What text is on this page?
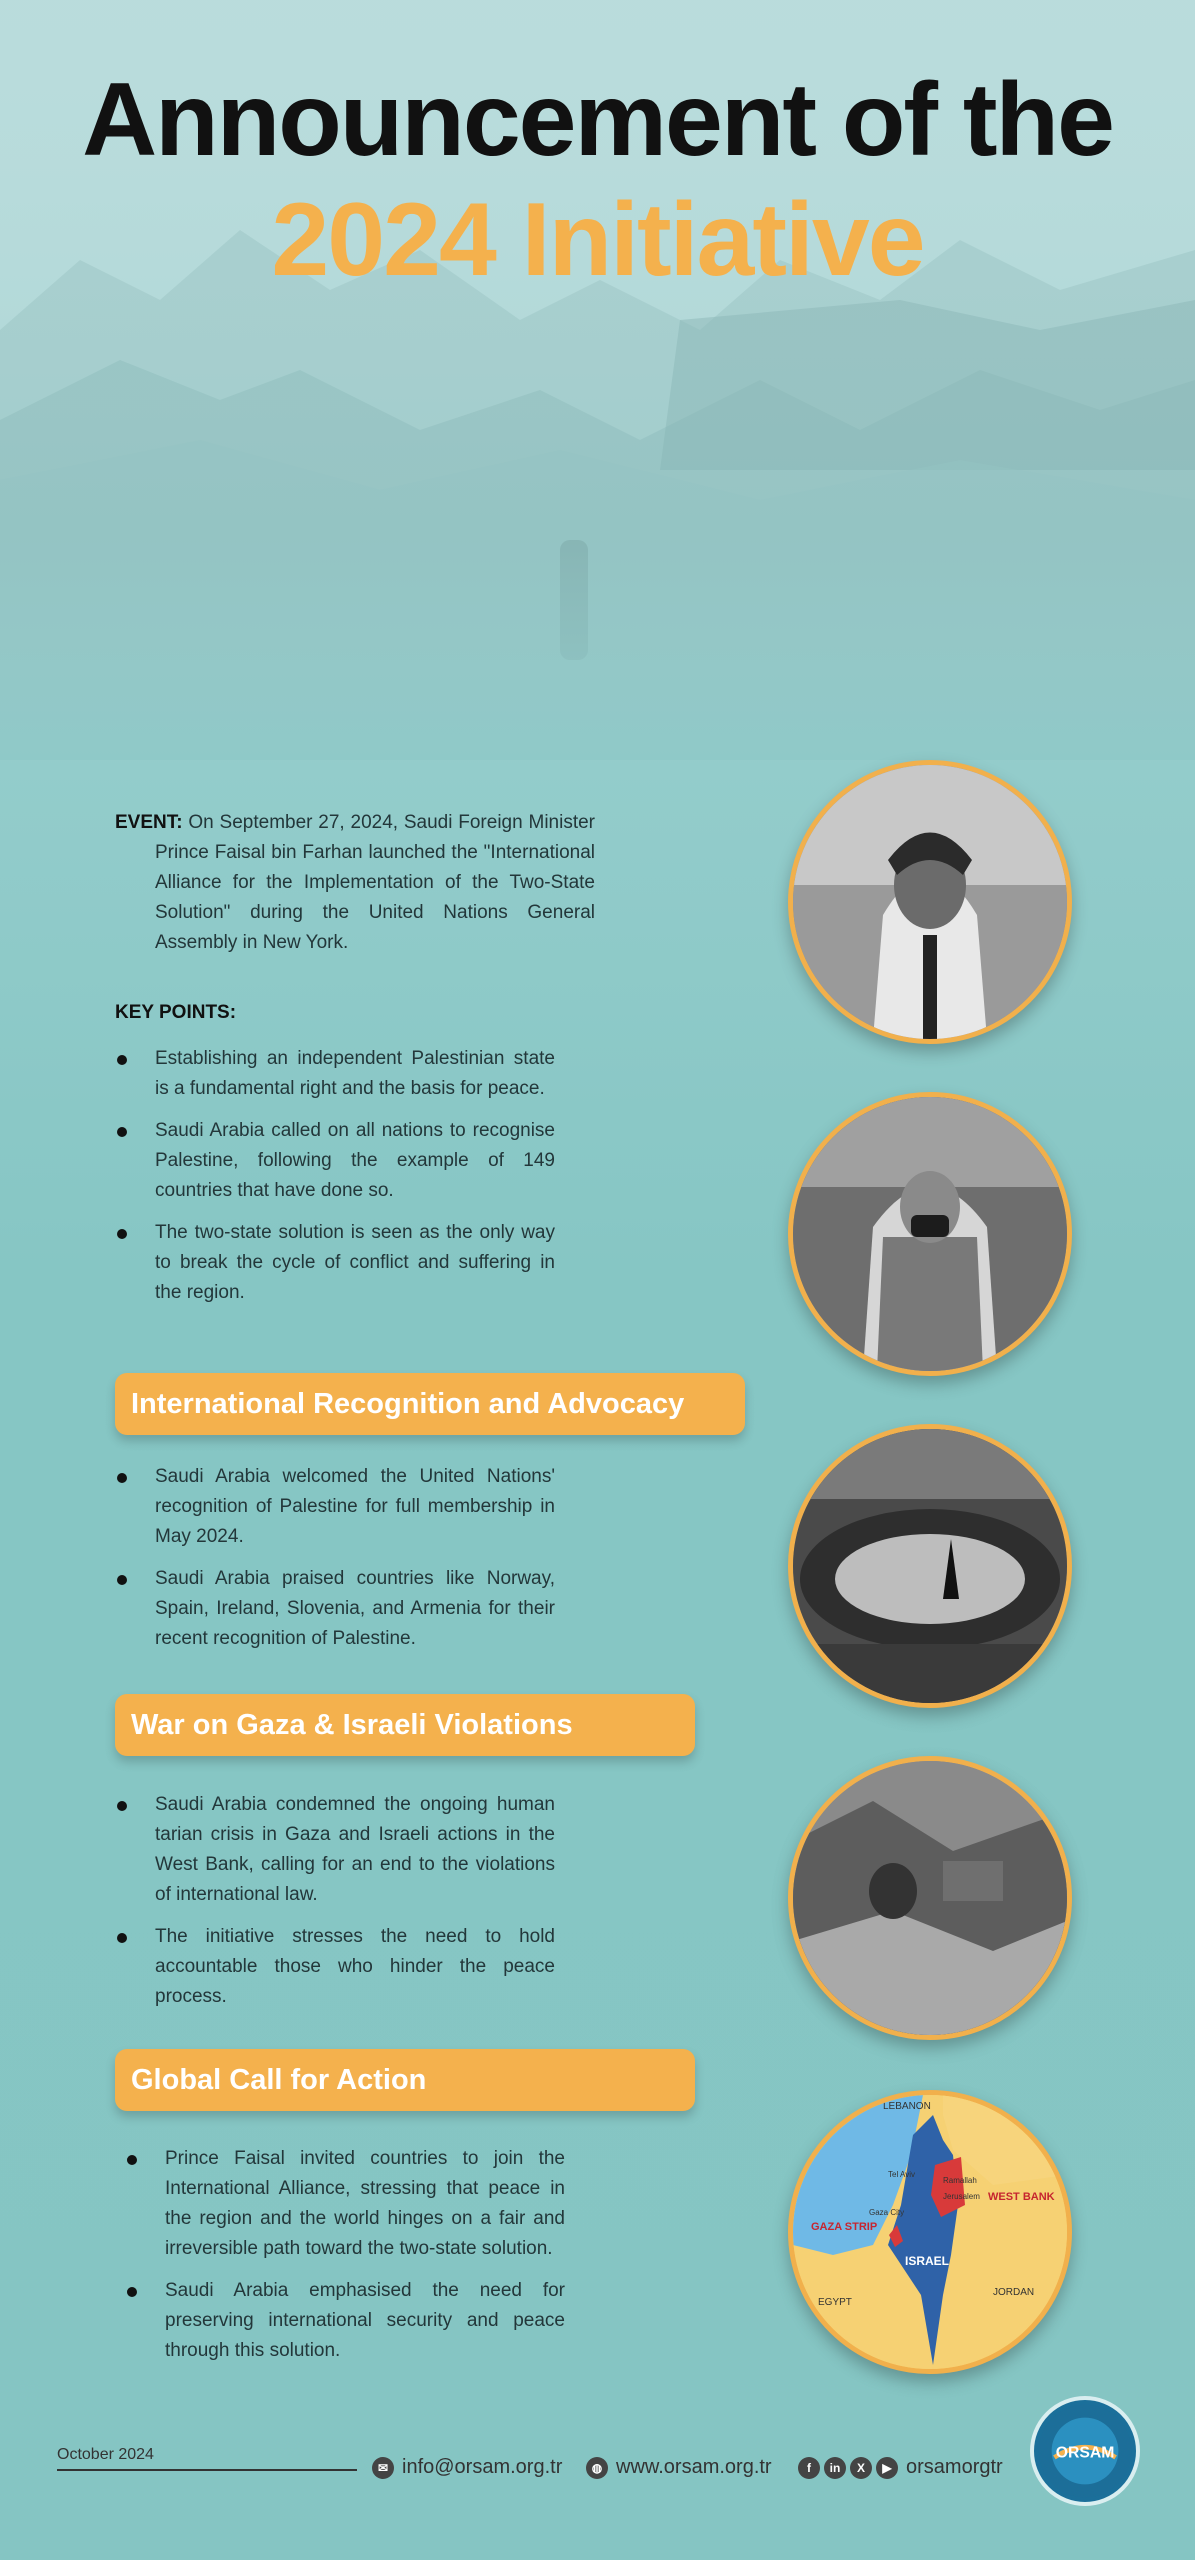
Announcement of the
2024 Initiative
EVENT: On September 27, 2024, Saudi Foreign Minister Prince Faisal bin Farhan launched the "International Alliance for the Implementation of the Two-State Solution" during the United Nations General Assembly in New York.
KEY POINTS:
Establishing an independent Palestinian state is a fundamental right and the basis for peace.
Saudi Arabia called on all nations to recognise Palestine, following the example of 149 countries that have done so.
The two-state solution is seen as the only way to break the cycle of conflict and suffering in the region.
International Recognition and Advocacy
Saudi Arabia welcomed the United Nations' recognition of Palestine for full membership in May 2024.
Saudi Arabia praised countries like Norway, Spain, Ireland, Slovenia, and Armenia for their recent recognition of Palestine.
War on Gaza & Israeli Violations
Saudi Arabia condemned the ongoing human tarian crisis in Gaza and Israeli actions in the West Bank, calling for an end to the violations of international law.
The initiative stresses the need to hold accountable those who hinder the peace process.
Global Call for Action
Prince Faisal invited countries to join the International Alliance, stressing that peace in the region and the world hinges on a fair and irreversible path toward the two-state solution.
Saudi Arabia emphasised the need for preserving international security and peace through this solution.
LEBANON
Tel Aviv
Ramallah
Jerusalem
Gaza City
GAZA STRIP
WEST BANK
ISRAEL
EGYPT
JORDAN
October 2024
✉ info@orsam.org.tr	◍ www.orsam.org.tr	f	in	X	▶ orsamorgtr
ORSAM
